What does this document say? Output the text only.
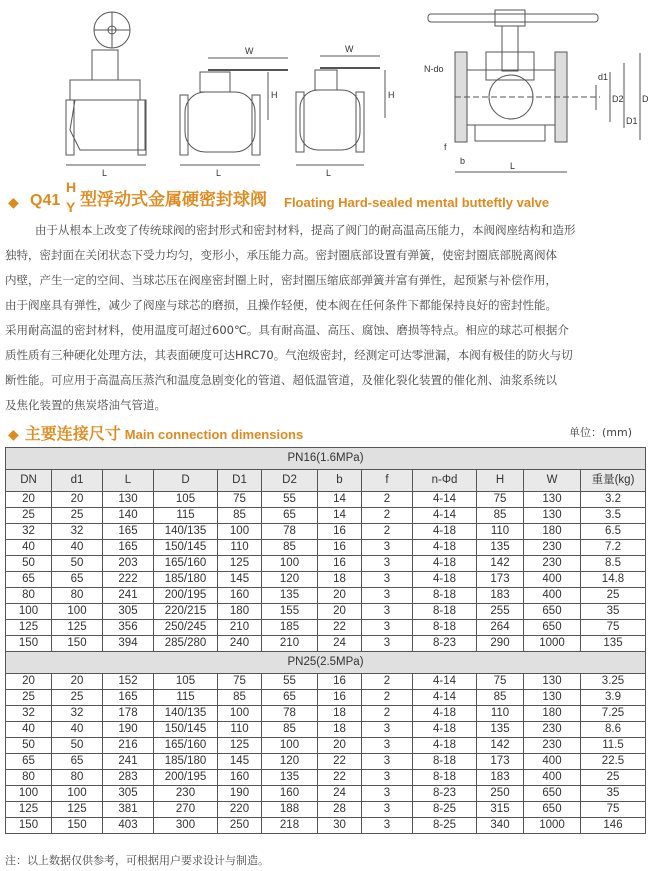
L
W
H
L
W
L
H
d1
D2
D1
D
N-do
f
b	L
◆ Q41
H
Y 型浮动式金属硬密封球阀 Floating Hard-sealed mental butteftly valve
由于从根本上改变了传统球阀的密封形式和密封材料，提高了阀门的耐高温高压能力，本阀阀座结构和造形
独特，密封面在关闭状态下受力均匀，变形小，承压能力高。密封圈底部设置有弹簧，使密封圈底部脱离阀体
内壁，产生一定的空间、当球芯压在阀座密封圈上时，密封圈压缩底部弹簧并富有弹性，起预紧与补偿作用，
由于阀座具有弹性，减少了阀座与球芯的磨损，且操作轻便，使本阀在任何条件下都能保持良好的密封性能。
采用耐高温的密封材料，使用温度可超过600℃。具有耐高温、高压、腐蚀、磨损等特点。相应的球芯可根据介
质性质有三种硬化处理方法，其表面硬度可达HRC70。气泡级密封，经测定可达零泄漏，本阀有极佳的防火与切
断性能。可应用于高温高压蒸汽和温度急剧变化的管道、超低温管道，及催化裂化装置的催化剂、油浆系统以
及焦化装置的焦炭塔油气管道。
◆ 主要连接尺寸 Main connection dimensions	单位：(mm)
PN16(1.6MPa)											
DN	d1	L	D	D1	D2	b	f	n-Φd	H	W	重量(kg)
20	20	130	105	75	55	14	2	4-14	75	130	3.2
25	25	140	115	85	65	14	2	4-14	85	130	3.5
32	32	165	140/135	100	78	16	2	4-18	110	180	6.5
40	40	165	150/145	110	85	16	3	4-18	135	230	7.2
50	50	203	165/160	125	100	16	3	4-18	142	230	8.5
65	65	222	185/180	145	120	18	3	4-18	173	400	14.8
80	80	241	200/195	160	135	20	3	8-18	183	400	25
100	100	305	220/215	180	155	20	3	8-18	255	650	35
125	125	356	250/245	210	185	22	3	8-18	264	650	75
150	150	394	285/280	240	210	24	3	8-23	290	1000	135
PN25(2.5MPa)											
20	20	152	105	75	55	16	2	4-14	75	130	3.25
25	25	165	115	85	65	16	2	4-14	85	130	3.9
32	32	178	140/135	100	78	18	2	4-18	110	180	7.25
40	40	190	150/145	110	85	18	3	4-18	135	230	8.6
50	50	216	165/160	125	100	20	3	4-18	142	230	11.5
65	65	241	185/180	145	120	22	3	8-18	173	400	22.5
80	80	283	200/195	160	135	22	3	8-18	183	400	25
100	100	305	230	190	160	24	3	8-23	250	650	35
125	125	381	270	220	188	28	3	8-25	315	650	75
150	150	403	300	250	218	30	3	8-25	340	1000	146
注：以上数据仅供参考，可根据用户要求设计与制造。
